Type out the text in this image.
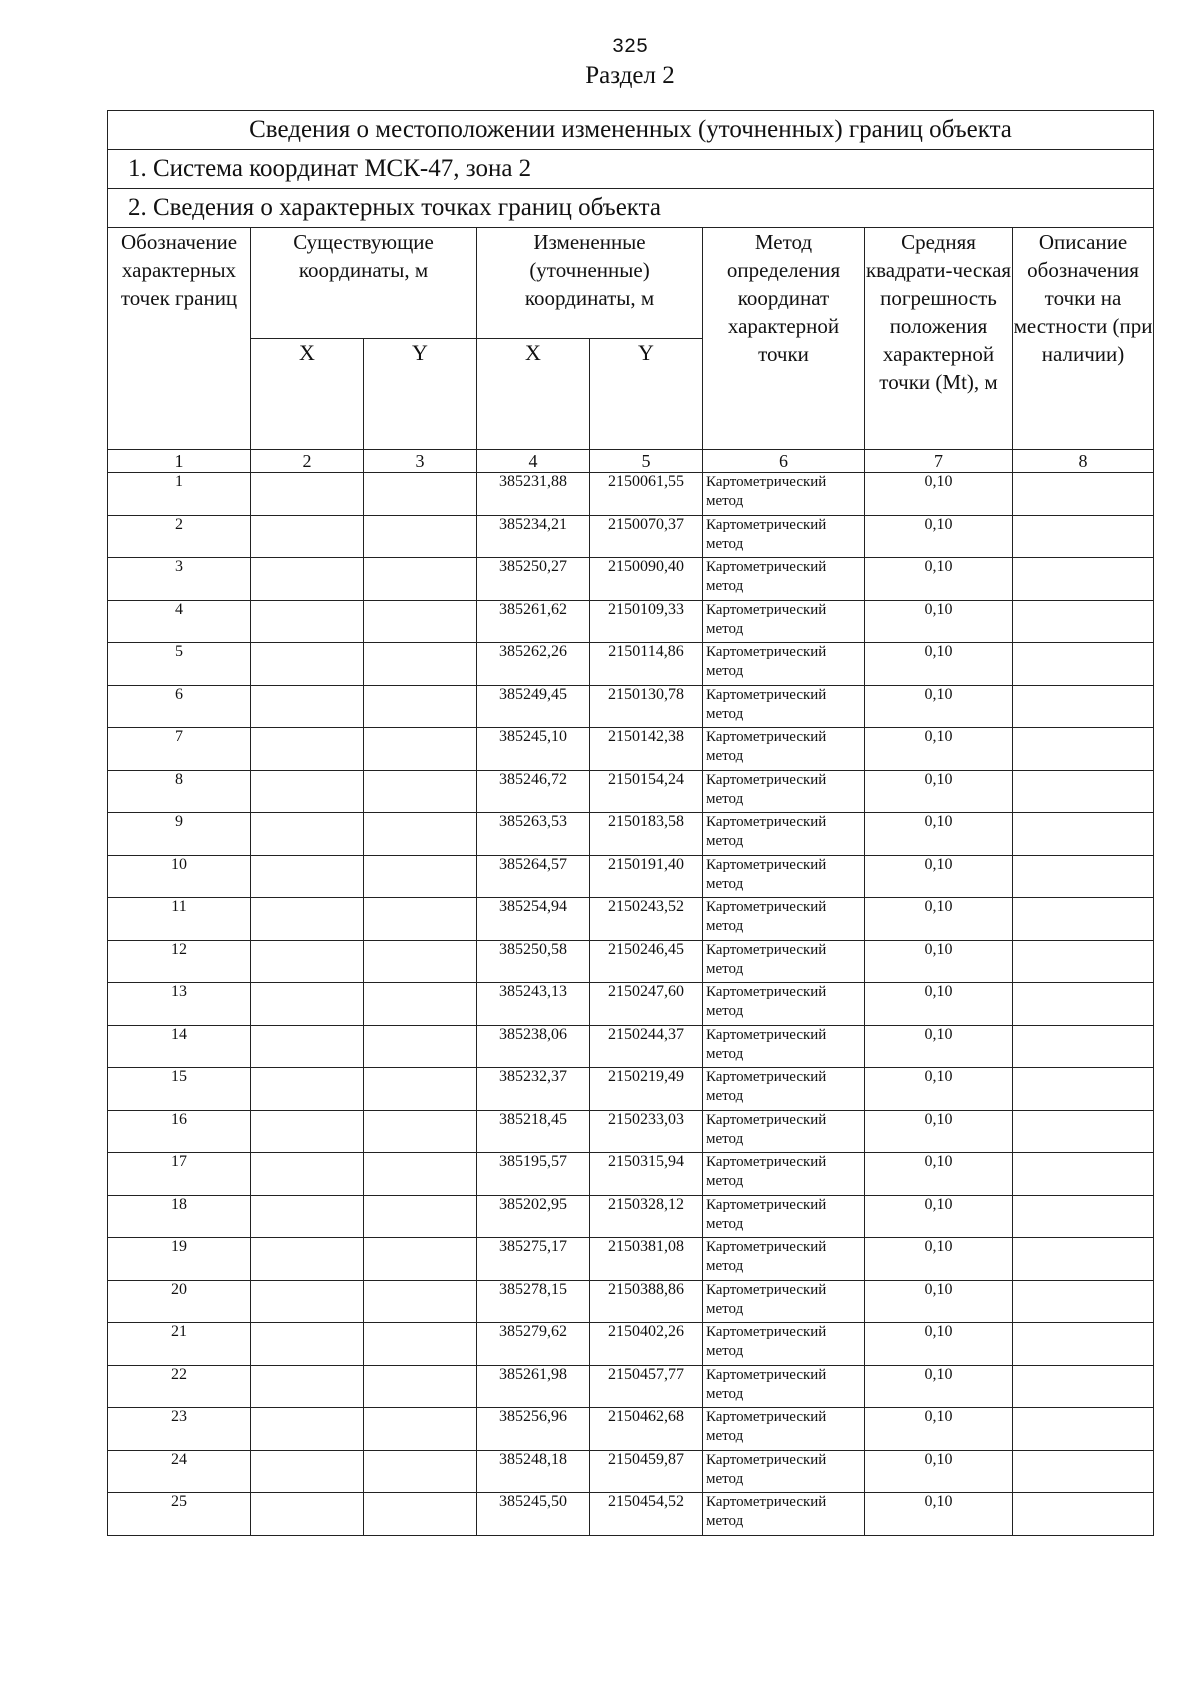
325
Раздел 2
Сведения о местоположении измененных (уточненных) границ объекта							
1. Система координат МСК-47, зона 2							
2. Сведения о характерных точках границ объекта							
Обозначение характерных точек границ	Существующие координаты, м		Измененные (уточненные) координаты, м		Метод определения координат характерной точки	Средняя квадрати-ческая погрешность положения характерной точки (Mt), м	Описание обозначения точки на местности (при наличии)
	X	Y	X	Y			
1	2	3	4	5	6	7	8
1			385231,88	2150061,55	Картометрический метод	0,10	
2			385234,21	2150070,37	Картометрический метод	0,10	
3			385250,27	2150090,40	Картометрический метод	0,10	
4			385261,62	2150109,33	Картометрический метод	0,10	
5			385262,26	2150114,86	Картометрический метод	0,10	
6			385249,45	2150130,78	Картометрический метод	0,10	
7			385245,10	2150142,38	Картометрический метод	0,10	
8			385246,72	2150154,24	Картометрический метод	0,10	
9			385263,53	2150183,58	Картометрический метод	0,10	
10			385264,57	2150191,40	Картометрический метод	0,10	
11			385254,94	2150243,52	Картометрический метод	0,10	
12			385250,58	2150246,45	Картометрический метод	0,10	
13			385243,13	2150247,60	Картометрический метод	0,10	
14			385238,06	2150244,37	Картометрический метод	0,10	
15			385232,37	2150219,49	Картометрический метод	0,10	
16			385218,45	2150233,03	Картометрический метод	0,10	
17			385195,57	2150315,94	Картометрический метод	0,10	
18			385202,95	2150328,12	Картометрический метод	0,10	
19			385275,17	2150381,08	Картометрический метод	0,10	
20			385278,15	2150388,86	Картометрический метод	0,10	
21			385279,62	2150402,26	Картометрический метод	0,10	
22			385261,98	2150457,77	Картометрический метод	0,10	
23			385256,96	2150462,68	Картометрический метод	0,10	
24			385248,18	2150459,87	Картометрический метод	0,10	
25			385245,50	2150454,52	Картометрический метод	0,10	
